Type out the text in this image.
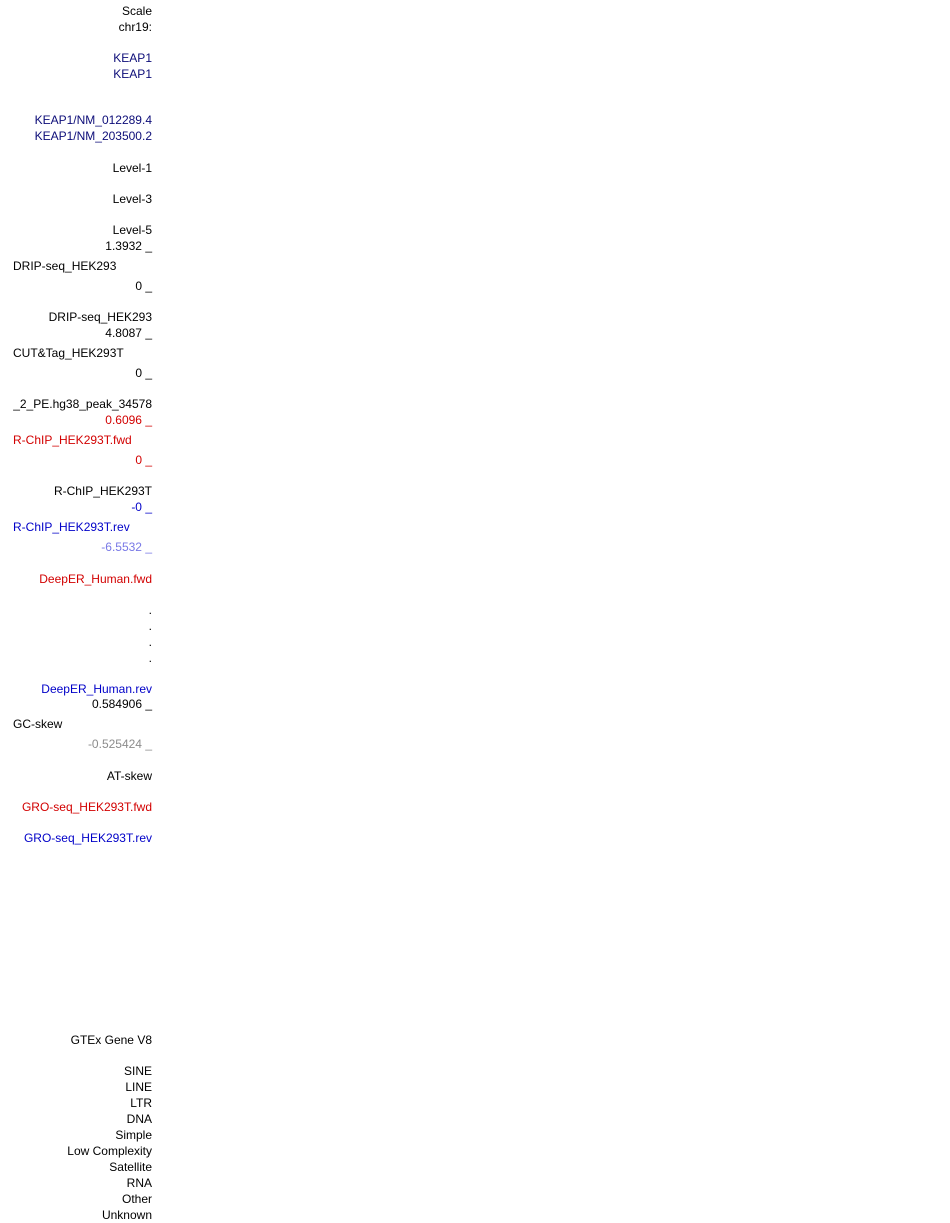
Scale
chr19:
KEAP1
KEAP1
KEAP1/NM_012289.4
KEAP1/NM_203500.2
Level-1
Level-3
Level-5
1.3932 _
DRIP-seq_HEK293
0 _
DRIP-seq_HEK293
4.8087 _
CUT&Tag_HEK293T
0 _
_2_PE.hg38_peak_34578
0.6096 _
R-ChIP_HEK293T.fwd
0 _
R-ChIP_HEK293T
-0 _
R-ChIP_HEK293T.rev
-6.5532 _
DeepER_Human.fwd
.
.
.
.
DeepER_Human.rev
0.584906 _
GC-skew
-0.525424 _
AT-skew
GRO-seq_HEK293T.fwd
GRO-seq_HEK293T.rev
GTEx Gene V8
SINE
LINE
LTR
DNA
Simple
Low Complexity
Satellite
RNA
Other
Unknown
